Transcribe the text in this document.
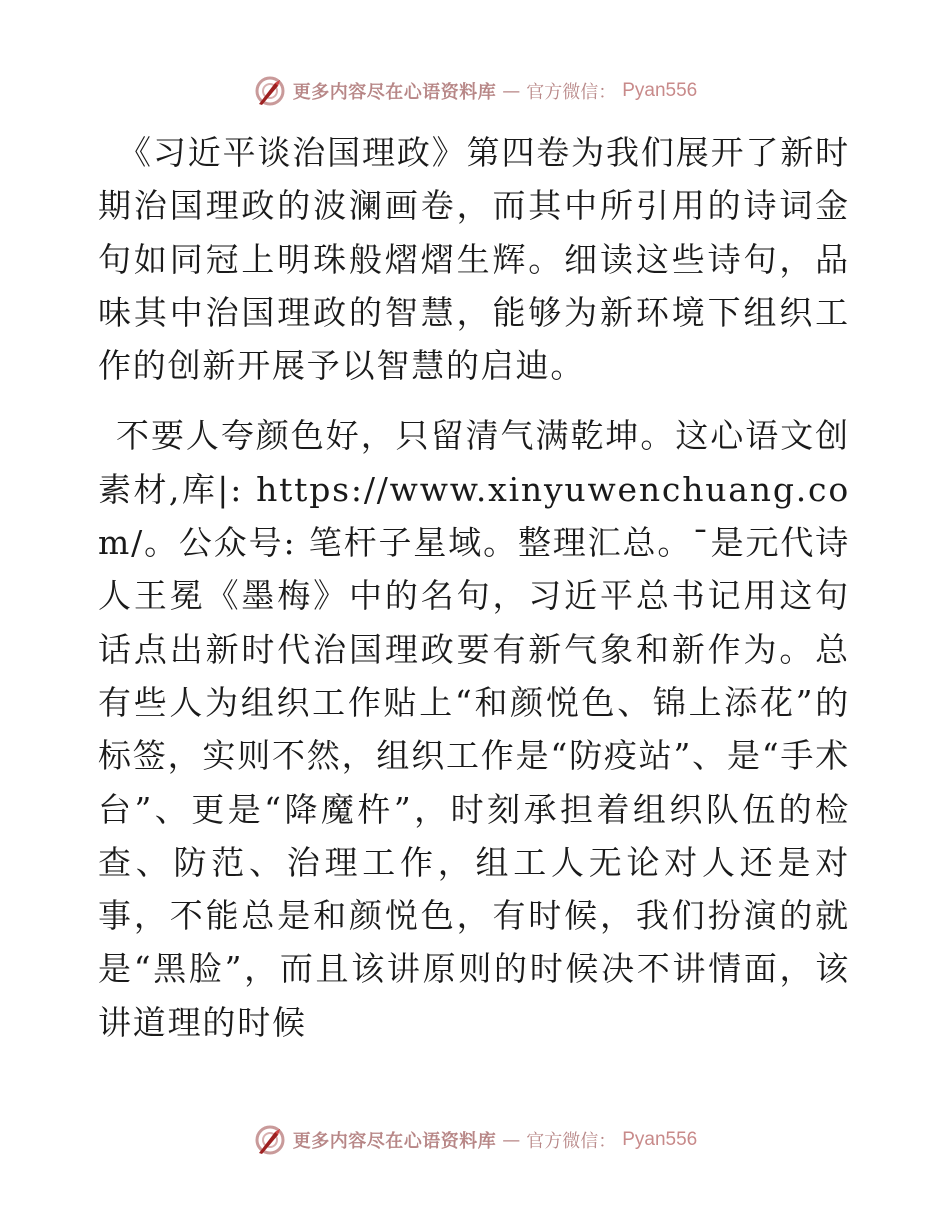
更多内容尽在心语资料库 — 官方微信： Pyan556

《习近平谈治国理政》第四卷为我们展开了新时期治国理政的波澜画卷，而其中所引用的诗词金句如同冠上明珠般熠熠生辉。细读这些诗句，品味其中治国理政的智慧，能够为新环境下组织工作的创新开展予以智慧的启迪。

不要人夸颜色好，只留清气满乾坤。这心语文创素材,库|: https://www.xinyuwenchuang.com/。公众号: 笔杆子星域。整理汇总。¯是元代诗人王冕《墨梅》中的名句，习近平总书记用这句话点出新时代治国理政要有新气象和新作为。总有些人为组织工作贴上“和颜悦色、锦上添花”的标签，实则不然，组织工作是“防疫站”、是“手术台”、更是“降魔杵”，时刻承担着组织队伍的检查、防范、治理工作，组工人无论对人还是对事，不能总是和颜悦色，有时候，我们扮演的就是“黑脸”，而且该讲原则的时候决不讲情面，该讲道理的时候

更多内容尽在心语资料库 — 官方微信： Pyan556
